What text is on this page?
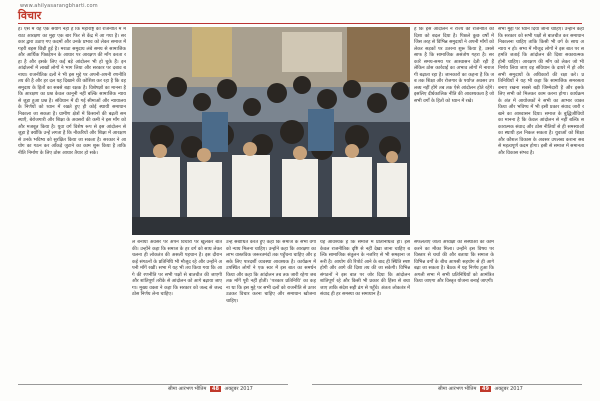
www.ahilyasarangbharti.com
विचार

है। ऐसे में यह एक संयोग नहीं है कि महाराष्ट्र की राजनीति में मराठा आरक्षण का मुद्दा एक बार फिर से केंद्र में आ गया है। सरकार द्वारा उठाए गए कदमों और उनके प्रभाव को लेकर समाज में गहरी बहस छिड़ी हुई है। मराठा समुदाय लंबे समय से सामाजिक और आर्थिक पिछड़ेपन के आधार पर आरक्षण की माँग करता रहा है और इसके लिए कई बड़े आंदोलन भी हो चुके हैं। इन आंदोलनों में लाखों लोगों ने भाग लिया और सरकार पर दबाव बनाया। राजनीतिक दलों ने भी इस मुद्दे पर अपनी-अपनी रणनीति तय की है और हर दल यह दिखाने की कोशिश कर रहा है कि वह समुदाय के हितों का सबसे बड़ा रक्षक है। विशेषज्ञों का मानना है कि आरक्षण का प्रश्न केवल कानूनी नहीं बल्कि सामाजिक न्याय से जुड़ा हुआ प्रश्न है। संविधान में दी गई सीमाओं और न्यायालय के निर्णयों को ध्यान में रखते हुए ही कोई स्थायी समाधान निकाला जा सकता है। ग्रामीण क्षेत्रों में किसानों की बढ़ती समस्याएँ, बेरोजगारी और शिक्षा के अवसरों की कमी ने इस माँग को और मजबूत किया है। युवा वर्ग विशेष रूप से इस आंदोलन से जुड़ा है क्योंकि उन्हें लगता है कि नौकरियों और शिक्षा में आरक्षण से उनके भविष्य को सुरक्षित किया जा सकता है। सरकार ने आयोग का गठन कर आँकड़े जुटाने का काम शुरू किया है ताकि नीति निर्माण के लिए ठोस आधार तैयार हो सके।

है कि इस आंदोलन ने राज्य की राजनीति की दिशा को बदल दिया है। पिछले कुछ वर्षों में जिस तरह से विभिन्न समुदायों ने अपनी माँगों को लेकर सड़कों पर उतरना शुरू किया है, उससे साफ है कि सामाजिक असंतोष गहरा है। सरकारें समय-समय पर आश्वासन देती रही हैं लेकिन ठोस कार्रवाई का अभाव लोगों में नाराजगी बढ़ाता रहा है। जानकारों का कहना है कि जब तक शिक्षा और रोजगार के पर्याप्त अवसर उपलब्ध नहीं होंगे तब तक ऐसे आंदोलन होते रहेंगे। इसलिए दीर्घकालिक नीति की आवश्यकता है जो सभी वर्गों के हितों को ध्यान में रखे।

ले बनाया अवसर पर अपने विचारों पर खुलकर बात की। उन्होंने कहा कि समाज के हर वर्ग को साथ लेकर चलना ही लोकतंत्र की असली पहचान है। इस दौरान कई संगठनों के प्रतिनिधि भी मौजूद रहे और उन्होंने अपनी माँगें रखीं। सभा में यह भी तय किया गया कि आगे की रणनीति पर सभी पक्षों से बातचीत की जाएगी और शांतिपूर्ण तरीके से आंदोलन को आगे बढ़ाया जाएगा। मुख्य वक्ता ने कहा कि सरकार को जल्द से जल्द ठोस निर्णय लेना चाहिए।

उन्हें संबोधित करते हुए कहा कि समाज के सभी वर्गों को न्याय मिलना चाहिए। उन्होंने कहा कि आरक्षण का लाभ वास्तविक जरूरतमंदों तक पहुँचना चाहिए और इसके लिए पारदर्शी व्यवस्था आवश्यक है। कार्यक्रम में उपस्थित लोगों ने एक स्वर में इस बात का समर्थन किया और कहा कि आंदोलन तब तक जारी रहेगा जब तक माँगें पूरी नहीं होतीं। 'पत्रकार प्रतिनिधि' का कहना था कि इस मुद्दे पर सभी दलों को राजनीति से ऊपर उठकर विचार करना चाहिए और समाधान खोजना चाहिए।

यह आवश्यक है कि समाज में प्रतिनिधित्व हो। इसे केवल राजनीतिक दृष्टि से नहीं देखा जाना चाहिए बल्कि सामाजिक संतुलन के नजरिए से भी समझना जरूरी है। आयोग की रिपोर्ट आने के बाद ही स्थिति स्पष्ट होगी और आगे की दिशा तय की जा सकेगी। विभिन्न संगठनों ने इस बात पर जोर दिया कि आंदोलन शांतिपूर्ण रहे और किसी भी प्रकार की हिंसा से बचा जाए ताकि संदेश सही ढंग से पहुँचे। अंततः लोकतंत्र में संवाद ही हर समस्या का समाधान है।

सफलताएँ जाता अध्यक्षों की संस्थाओं का काम करने का मौका मिला। उन्होंने इस विषय पर विस्तार से चर्चा की और बताया कि समाज के विभिन्न वर्गों के बीच आपसी सहयोग से ही आगे बढ़ा जा सकता है। बैठक में यह निर्णय हुआ कि अगली सभा में सभी प्रतिनिधियों को आमंत्रित किया जाएगा और विस्तृत योजना बनाई जाएगी।

सभी मुद्दों पर ध्यान दिया जाना चाहिए। उन्होंने कहा कि सरकार को सभी पक्षों से बातचीत कर समाधान निकालना चाहिए ताकि किसी भी वर्ग के साथ अन्याय न हो। सभा में मौजूद लोगों ने इस बात पर सहमति जताई कि आंदोलन की दिशा सकारात्मक होनी चाहिए। आरक्षण की माँग को लेकर जो भी निर्णय लिया जाए वह संविधान के दायरे में हो और सभी समुदायों के अधिकारों की रक्षा करे। प्रतिनिधियों ने यह भी कहा कि सामाजिक समरसता बनाए रखना सबसे बड़ी जिम्मेदारी है और इसके लिए सभी को मिलकर काम करना होगा। कार्यक्रम के अंत में आयोजकों ने सभी का आभार व्यक्त किया और भविष्य में भी इसी प्रकार संवाद जारी रखने का आश्वासन दिया। समाज के बुद्धिजीवियों का मानना है कि केवल आंदोलन से नहीं बल्कि सकारात्मक संवाद और ठोस नीतियों से ही समस्याओं का स्थायी हल निकल सकता है। युवाओं को शिक्षा और कौशल विकास के अवसर उपलब्ध कराना सबसे महत्वपूर्ण कदम होगा। इसी से समाज में समानता और विकास संभव है।

सीमा आरंभण भीतिम 48 अक्टूबर 2017	सीमा आरंभण भीतिम 49 अक्टूबर 2017
